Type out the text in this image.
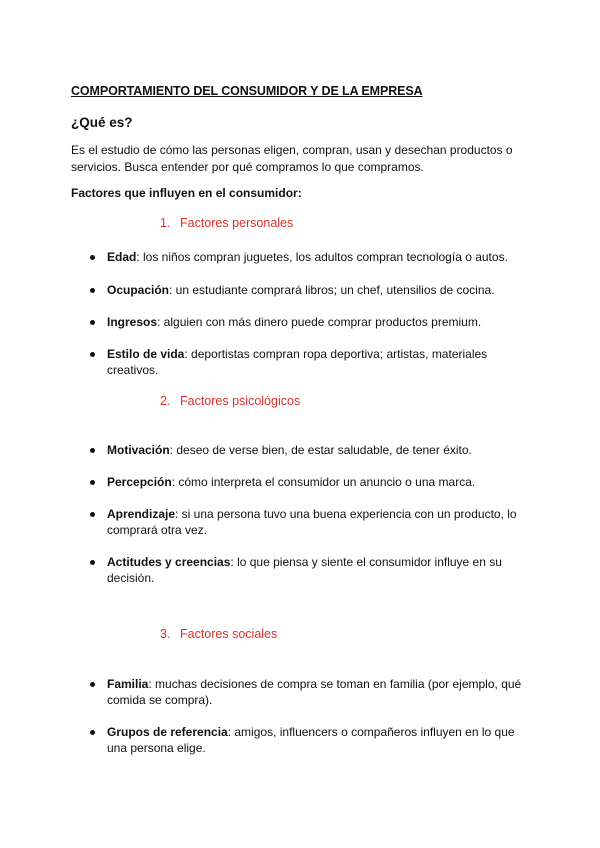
COMPORTAMIENTO DEL CONSUMIDOR Y DE LA EMPRESA
¿Qué es?
Es el estudio de cómo las personas eligen, compran, usan y desechan productos o servicios. Busca entender por qué compramos lo que compramos.
Factores que influyen en el consumidor:
1. Factores personales
Edad: los niños compran juguetes, los adultos compran tecnología o autos.
Ocupación: un estudiante comprará libros; un chef, utensilios de cocina.
Ingresos: alguien con más dinero puede comprar productos premium.
Estilo de vida: deportistas compran ropa deportiva; artistas, materiales creativos.
2. Factores psicológicos
Motivación: deseo de verse bien, de estar saludable, de tener éxito.
Percepción: cómo interpreta el consumidor un anuncio o una marca.
Aprendizaje: si una persona tuvo una buena experiencia con un producto, lo comprará otra vez.
Actitudes y creencias: lo que piensa y siente el consumidor influye en su decisión.
3. Factores sociales
Familia: muchas decisiones de compra se toman en familia (por ejemplo, qué comida se compra).
Grupos de referencia: amigos, influencers o compañeros influyen en lo que una persona elige.
